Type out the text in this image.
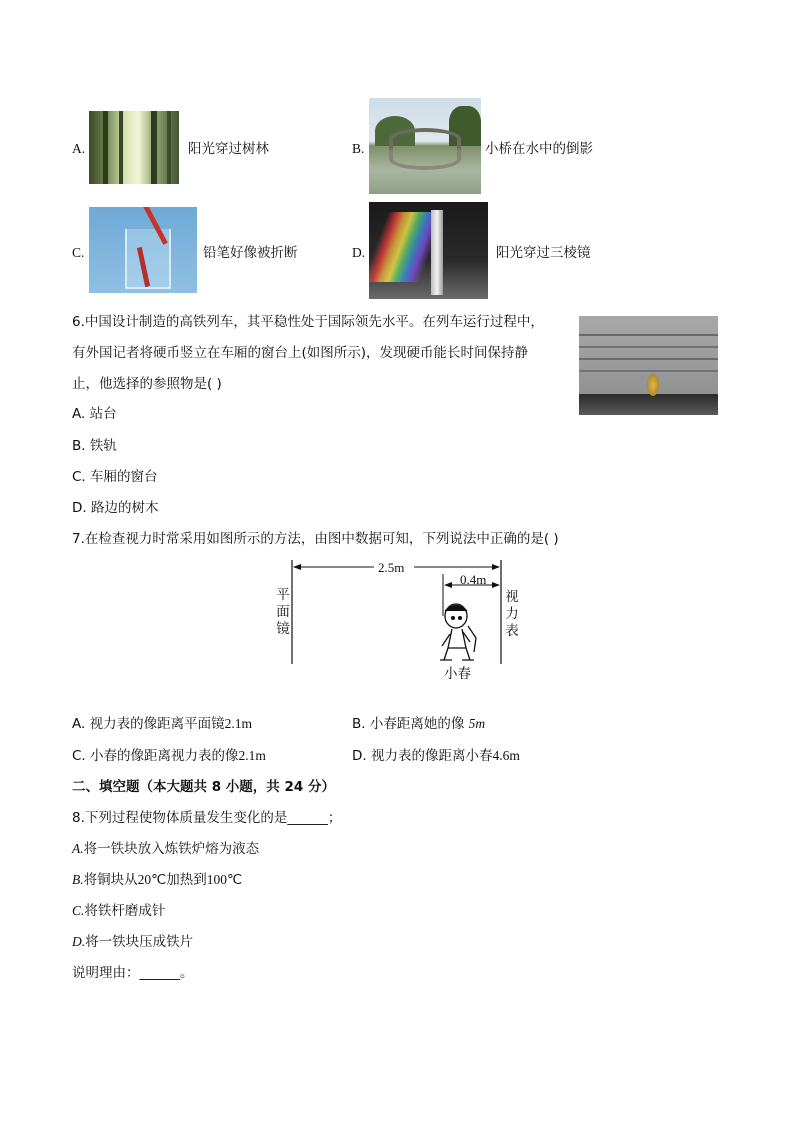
A.	阳光穿过树林	B.	小桥在水中的倒影
C.	铅笔好像被折断	D.	阳光穿过三棱镜
6.中国设计制造的高铁列车，其平稳性处于国际领先水平。在列车运行过程中，
有外国记者将硬币竖立在车厢的窗台上(如图所示)，发现硬币能长时间保持静
止，他选择的参照物是( )
A. 站台
B. 铁轨
C. 车厢的窗台
D. 路边的树木
7.在检查视力时常采用如图所示的方法，由图中数据可知，下列说法中正确的是( )
2.5m
0.4m
平
面
镜
视
力
表
小春
A. 视力表的像距离平面镜2.1m	B. 小春距离她的像 5m
C. 小春的像距离视力表的像2.1m	D. 视力表的像距离小春4.6m
二、填空题（本大题共 8 小题，共 24 分）
8.下列过程使物体质量发生变化的是______；
A.将一铁块放入炼铁炉熔为液态
B.将铜块从20℃加热到100℃
C.将铁杆磨成针
D.将一铁块压成铁片
说明理由：______。
